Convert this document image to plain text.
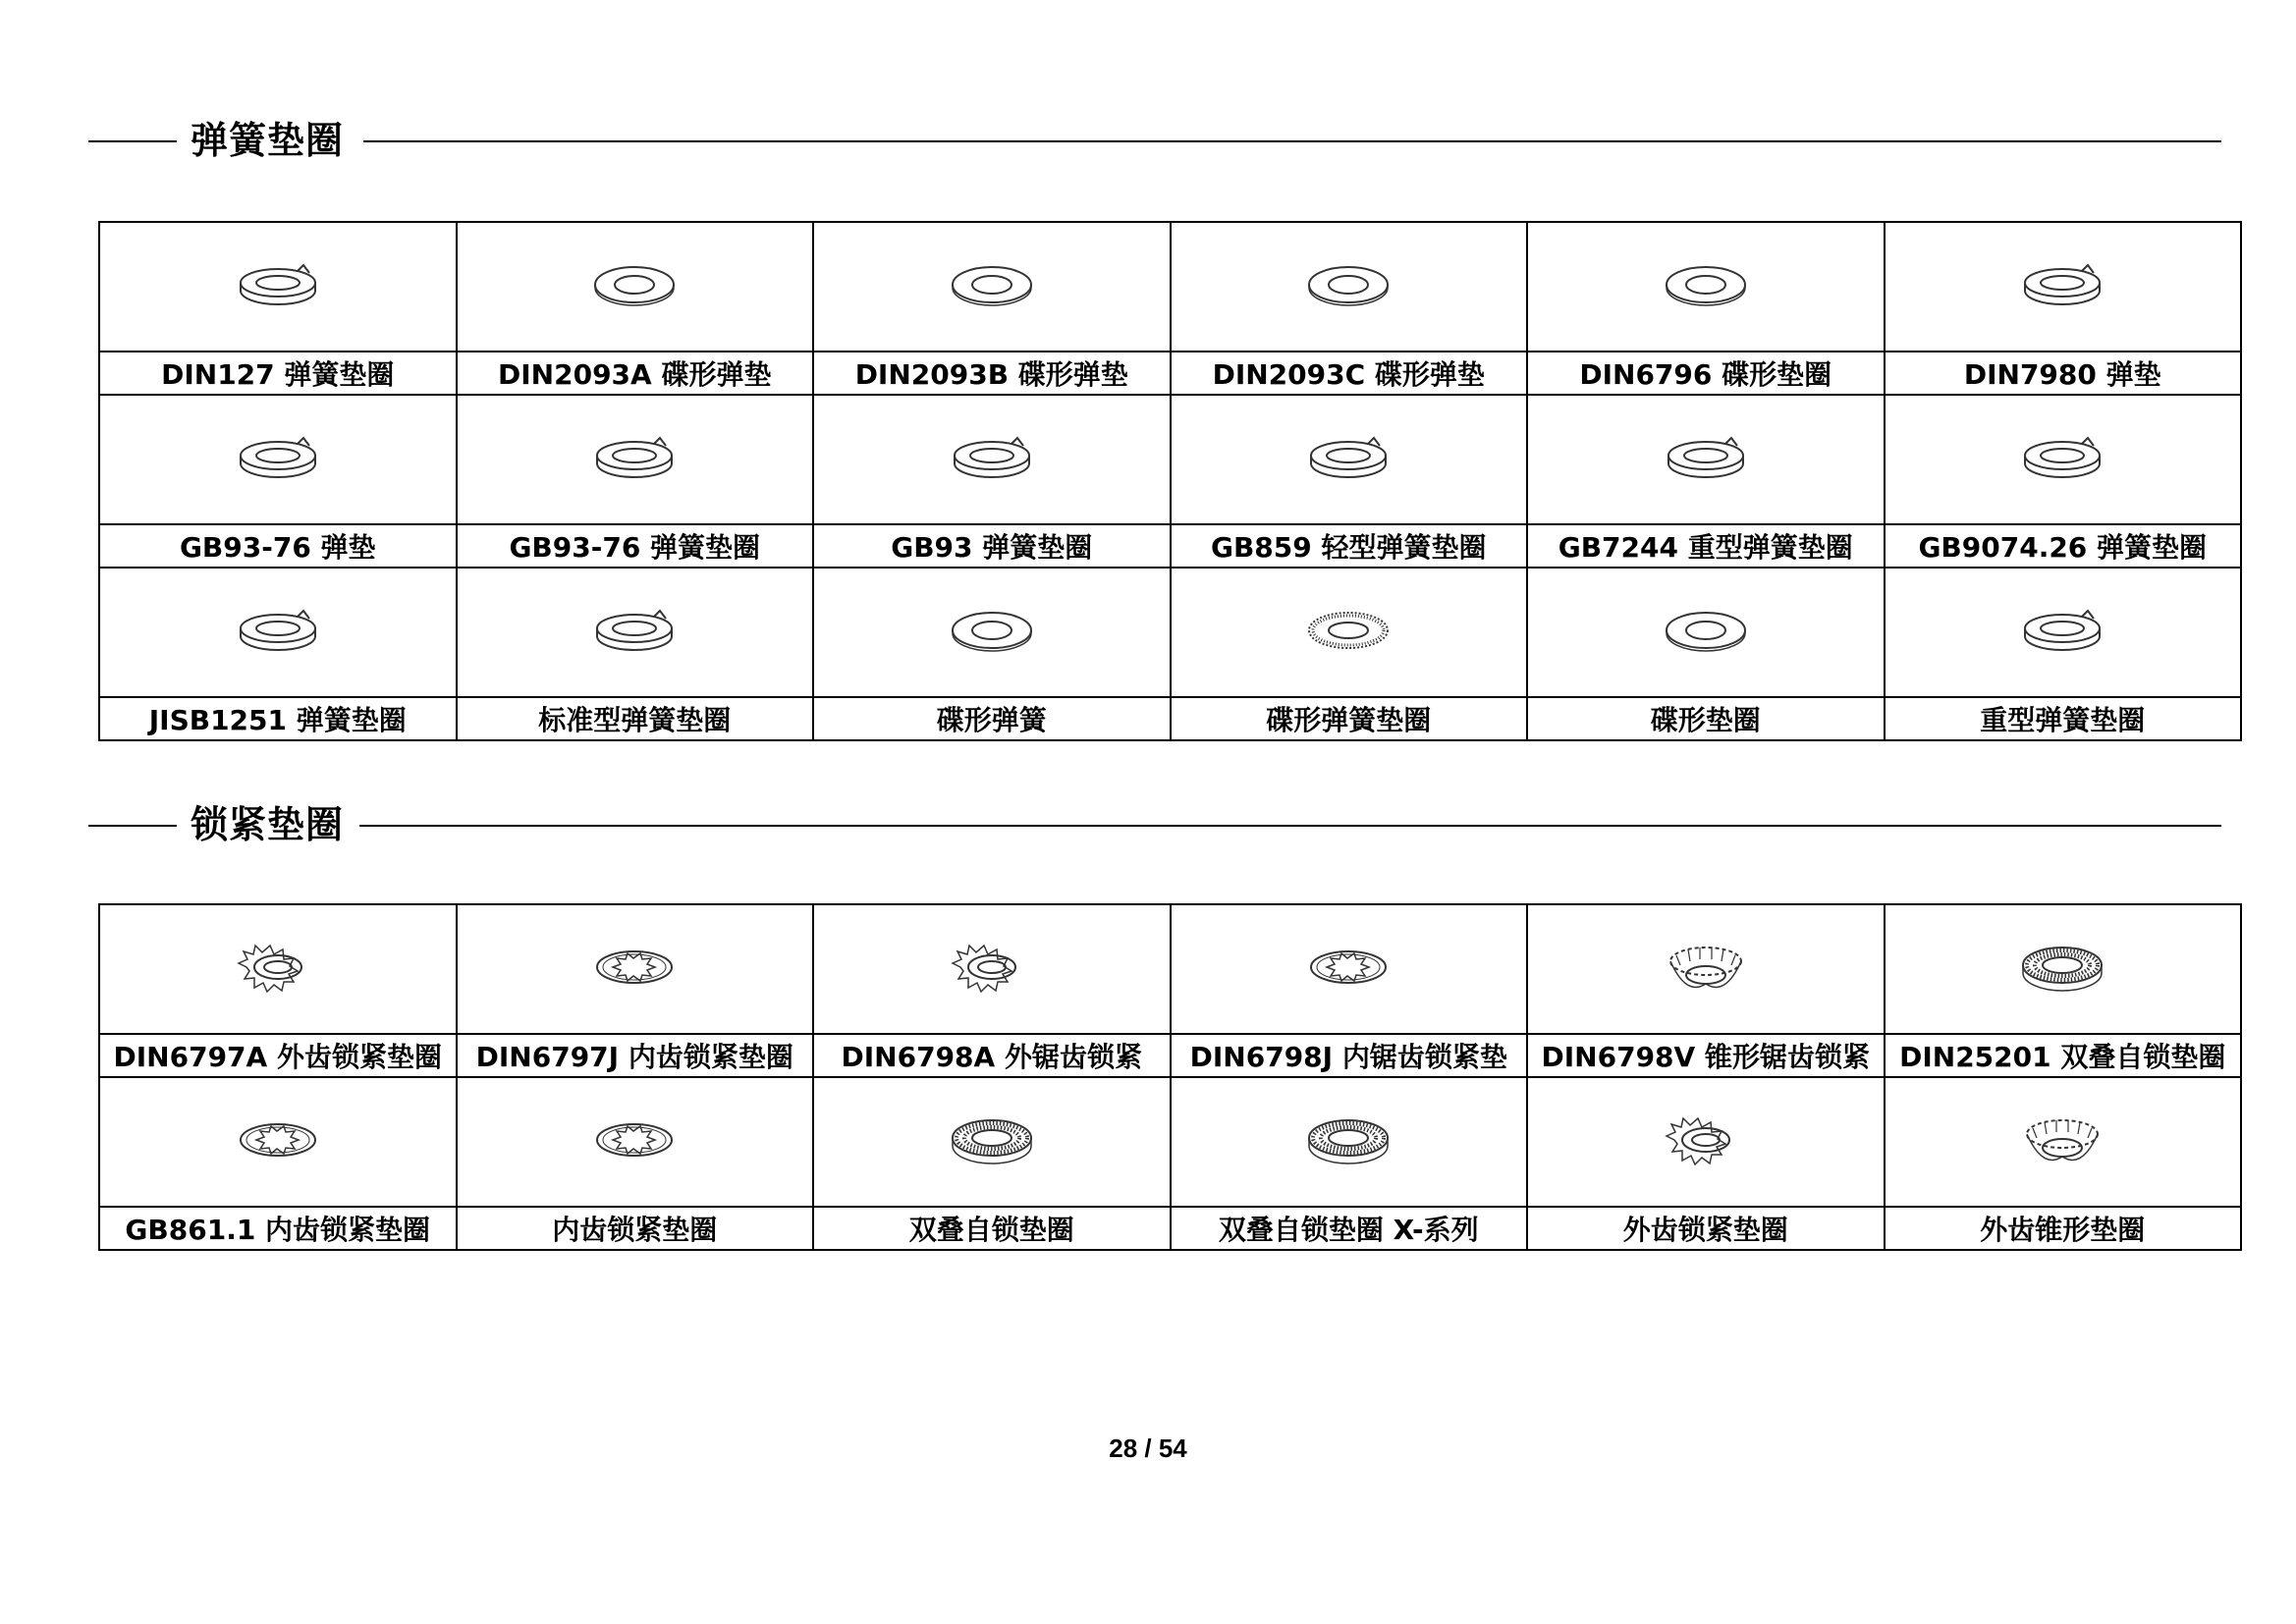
弹簧垫圈

DIN127 弹簧垫圈	DIN2093A 碟形弹垫	DIN2093B 碟形弹垫	DIN2093C 碟形弹垫	DIN6796 碟形垫圈	DIN7980 弹垫

GB93-76 弹垫	GB93-76 弹簧垫圈	GB93 弹簧垫圈	GB859 轻型弹簧垫圈	GB7244 重型弹簧垫圈	GB9074.26 弹簧垫圈

JISB1251 弹簧垫圈	标准型弹簧垫圈	碟形弹簧	碟形弹簧垫圈	碟形垫圈	重型弹簧垫圈
锁紧垫圈

DIN6797A 外齿锁紧垫圈	DIN6797J 内齿锁紧垫圈	DIN6798A 外锯齿锁紧	DIN6798J 内锯齿锁紧垫	DIN6798V 锥形锯齿锁紧	DIN25201 双叠自锁垫圈

GB861.1 内齿锁紧垫圈	内齿锁紧垫圈	双叠自锁垫圈	双叠自锁垫圈 X-系列	外齿锁紧垫圈	外齿锥形垫圈
28 / 54
